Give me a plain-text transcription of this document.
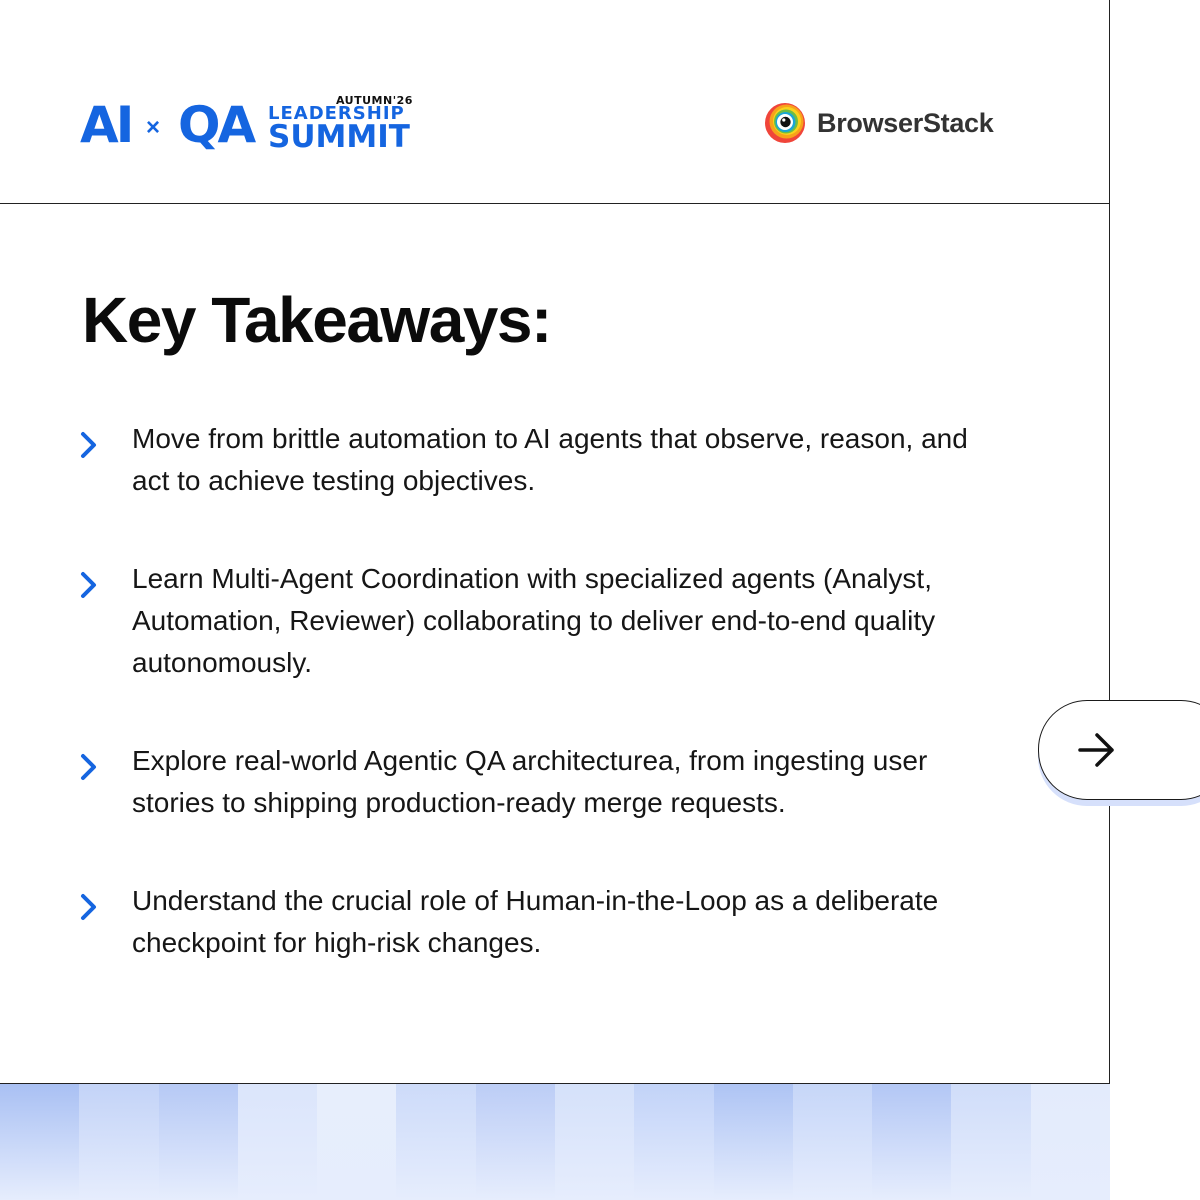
AI × QA	AUTUMN'26
LEADERSHIP
SUMMIT	BrowserStack
Key Takeaways:
Move from brittle automation to AI agents that observe, reason, and act to achieve testing objectives.
Learn Multi-Agent Coordination with specialized agents (Analyst, Automation, Reviewer) collaborating to deliver end-to-end quality autonomously.
Explore real-world Agentic QA architecturea, from ingesting user stories to shipping production-ready merge requests.
Understand the crucial role of Human-in-the-Loop as a deliberate checkpoint for high-risk changes.
